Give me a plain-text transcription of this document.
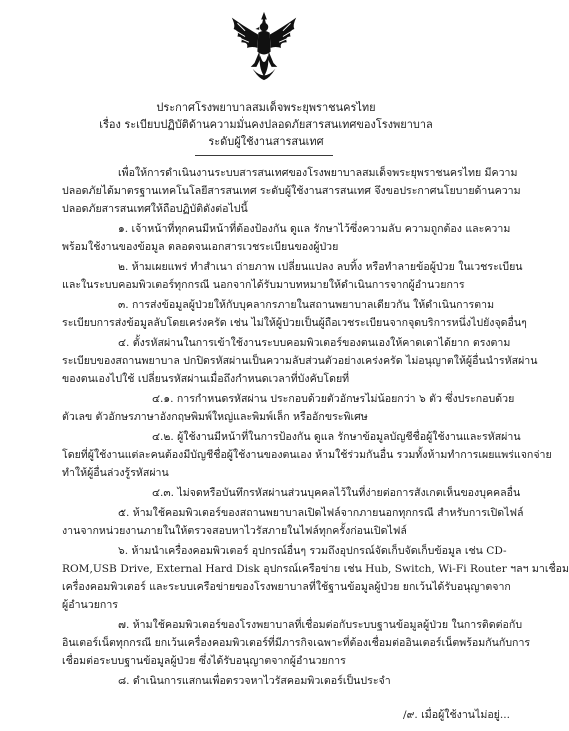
ประกาศโรงพยาบาลสมเด็จพระยุพราชนครไทย
เรื่อง ระเบียบปฏิบัติด้านความมั่นคงปลอดภัยสารสนเทศของโรงพยาบาล
ระดับผู้ใช้งานสารสนเทศ
เพื่อให้การดำเนินงานระบบสารสนเทศของโรงพยาบาลสมเด็จพระยุพราชนครไทย มีความ
ปลอดภัยได้มาตรฐานเทคโนโลยีสารสนเทศ ระดับผู้ใช้งานสารสนเทศ จึงขอประกาศนโยบายด้านความ
ปลอดภัยสารสนเทศให้ถือปฏิบัติดังต่อไปนี้
๑. เจ้าหน้าที่ทุกคนมีหน้าที่ต้องป้องกัน ดูแล รักษาไว้ซึ่งความลับ ความถูกต้อง และความ
พร้อมใช้งานของข้อมูล ตลอดจนเอกสารเวชระเบียนของผู้ป่วย
๒. ห้ามเผยแพร่ ทำสำเนา ถ่ายภาพ เปลี่ยนแปลง ลบทิ้ง หรือทำลายข้อผู้ป่วย ในเวชระเบียน
และในระบบคอมพิวเตอร์ทุกกรณี นอกจากได้รับมาบทหมายให้ดำเนินการจากผู้อำนวยการ
๓. การส่งข้อมูลผู้ป่วยให้กับบุคลากรภายในสถานพยาบาลเดียวกัน ให้ดำเนินการตาม
ระเบียบการส่งข้อมูลลับโดยเคร่งครัด เช่น ไม่ให้ผู้ป่วยเป็นผู้ถือเวชระเบียนจากจุดบริการหนึ่งไปยังจุดอื่นๆ
๔. ตั้งรหัสผ่านในการเข้าใช้งานระบบคอมพิวเตอร์ของตนเองให้คาดเดาได้ยาก ตรงตาม
ระเบียบของสถานพยาบาล ปกปิดรหัสผ่านเป็นความลับส่วนตัวอย่างเคร่งครัด ไม่อนุญาตให้ผู้อื่นนำรหัสผ่าน
ของตนเองไปใช้ เปลี่ยนรหัสผ่านเมื่อถึงกำหนดเวลาที่บังคับโดยที่
๔.๑. การกำหนดรหัสผ่าน ประกอบด้วยตัวอักษรไม่น้อยกว่า ๖ ตัว ซึ่งประกอบด้วย
ตัวเลข ตัวอักษรภาษาอังกฤษพิมพ์ใหญ่และพิมพ์เล็ก หรืออักขระพิเศษ
๔.๒. ผู้ใช้งานมีหน้าที่ในการป้องกัน ดูแล รักษาข้อมูลบัญชีชื่อผู้ใช้งานและรหัสผ่าน
โดยที่ผู้ใช้งานแต่ละคนต้องมีบัญชีชื่อผู้ใช้งานของตนเอง ห้ามใช้ร่วมกันอื่น รวมทั้งห้ามทำการเผยแพร่แจกจ่าย
ทำให้ผู้อื่นล่วงรู้รหัสผ่าน
๔.๓. ไม่จดหรือบันทึกรหัสผ่านส่วนบุคคลไว้ในที่ง่ายต่อการสังเกตเห็นของบุคคลอื่น
๕. ห้ามใช้คอมพิวเตอร์ของสถานพยาบาลเปิดไฟล์จากภายนอกทุกกรณี สำหรับการเปิดไฟล์
งานจากหน่วยงานภายในให้ตรวจสอบหาไวรัสภายในไฟล์ทุกครั้งก่อนเปิดไฟล์
๖. ห้ามนำเครื่องคอมพิวเตอร์ อุปกรณ์อื่นๆ รวมถึงอุปกรณ์จัดเก็บจัดเก็บข้อมูล เช่น CD-
ROM,USB Drive, External Hard Disk อุปกรณ์เครือข่าย เช่น Hub, Switch, Wi-Fi Router ฯลฯ มาเชื่อม
เครื่องคอมพิวเตอร์ และระบบเครือข่ายของโรงพยาบาลที่ใช้ฐานข้อมูลผู้ป่วย ยกเว้นได้รับอนุญาตจาก
ผู้อำนวยการ
๗. ห้ามใช้คอมพิวเตอร์ของโรงพยาบาลที่เชื่อมต่อกับระบบฐานข้อมูลผู้ป่วย ในการติดต่อกับ
อินเตอร์เน็ตทุกกรณี ยกเว้นเครื่องคอมพิวเตอร์ที่มีภารกิจเฉพาะที่ต้องเชื่อมต่ออินเตอร์เน็ตพร้อมกันกับการ
เชื่อมต่อระบบฐานข้อมูลผู้ป่วย ซึ่งได้รับอนุญาตจากผู้อำนวยการ
๘. ดำเนินการแสกนเพื่อตรวจหาไวรัสคอมพิวเตอร์เป็นประจำ
/๙. เมื่อผู้ใช้งานไม่อยู่...
